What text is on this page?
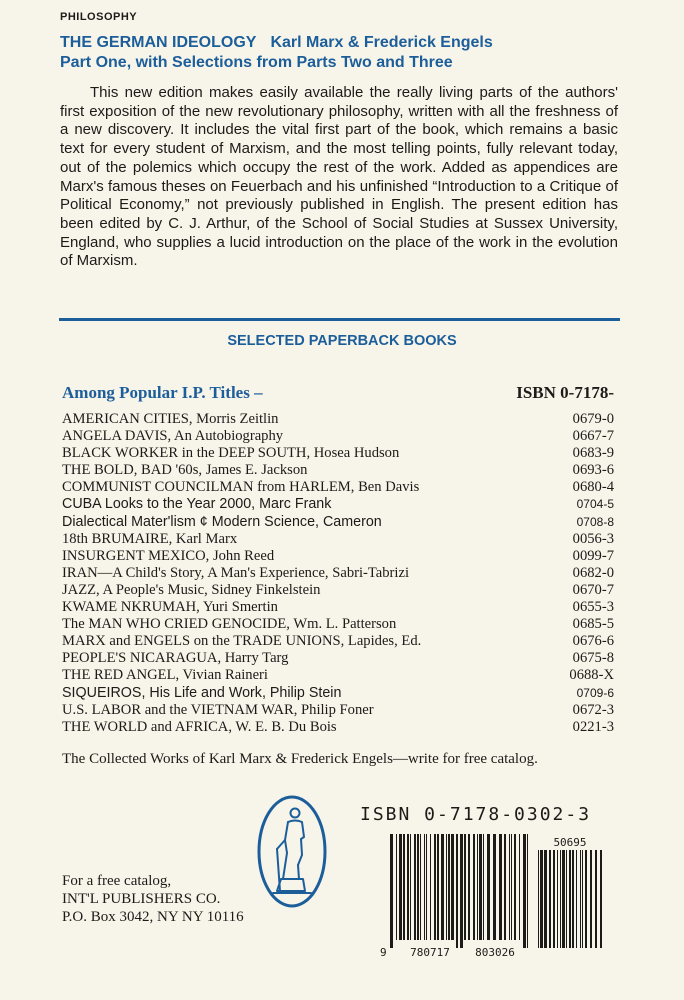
PHILOSOPHY
THE GERMAN IDEOLOGY Karl Marx & Frederick Engels
Part One, with Selections from Parts Two and Three

This new edition makes easily available the really living parts of the authors' first exposition of the new revolutionary philosophy, written with all the freshness of a new discovery. It includes the vital first part of the book, which remains a basic text for every student of Marxism, and the most telling points, fully relevant today, out of the polemics which occupy the rest of the work. Added as appendices are Marx's famous theses on Feuerbach and his unfinished “Introduction to a Critique of Political Economy,” not previously published in English. The present edition has been edited by C. J. Arthur, of the School of Social Studies at Sussex University, England, who supplies a lucid introduction on the place of the work in the evolution of Marxism.

SELECTED PAPERBACK BOOKS
Among Popular I.P. Titles –	ISBN 0-7178-
AMERICAN CITIES, Morris Zeitlin	0679-0
ANGELA DAVIS, An Autobiography	0667-7
BLACK WORKER in the DEEP SOUTH, Hosea Hudson	0683-9
THE BOLD, BAD '60s, James E. Jackson	0693-6
COMMUNIST COUNCILMAN from HARLEM, Ben Davis	0680-4
CUBA Looks to the Year 2000, Marc Frank	0704-5
Dialectical Mater'lism ¢ Modern Science, Cameron	0708-8
18th BRUMAIRE, Karl Marx	0056-3
INSURGENT MEXICO, John Reed	0099-7
IRAN—A Child's Story, A Man's Experience, Sabri-Tabrizi	0682-0
JAZZ, A People's Music, Sidney Finkelstein	0670-7
KWAME NKRUMAH, Yuri Smertin	0655-3
The MAN WHO CRIED GENOCIDE, Wm. L. Patterson	0685-5
MARX and ENGELS on the TRADE UNIONS, Lapides, Ed.	0676-6
PEOPLE'S NICARAGUA, Harry Targ	0675-8
THE RED ANGEL, Vivian Raineri	0688-X
SIQUEIROS, His Life and Work, Philip Stein	0709-6
U.S. LABOR and the VIETNAM WAR, Philip Foner	0672-3
THE WORLD and AFRICA, W. E. B. Du Bois	0221-3
The Collected Works of Karl Marx & Frederick Engels—write for free catalog.
For a free catalog,
INT'L PUBLISHERS CO.
P.O. Box 3042, NY NY 10116
ISBN 0-7178-0302-3
50695
9 780717 803026
